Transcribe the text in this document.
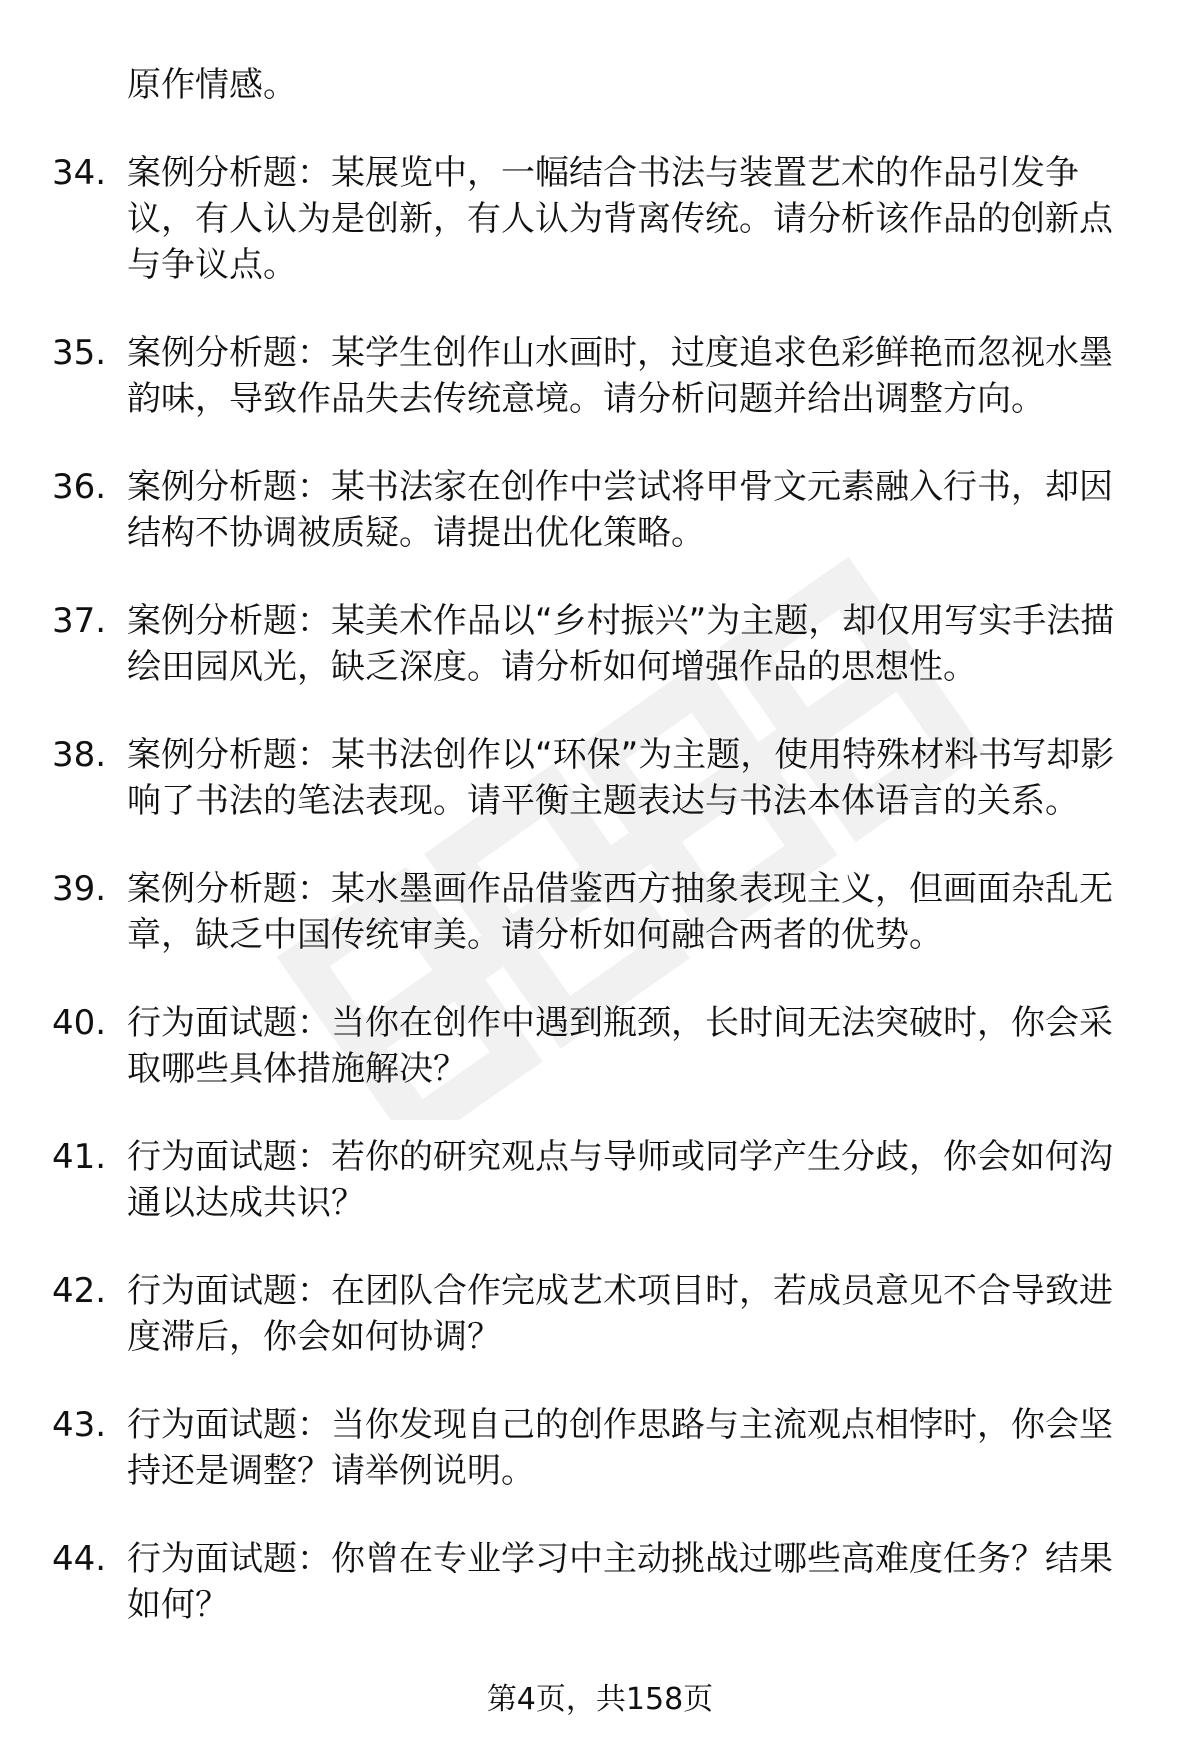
原作情感。
34. 案例分析题：某展览中，一幅结合书法与装置艺术的作品引发争议，有人认为是创新，有人认为背离传统。请分析该作品的创新点与争议点。
35. 案例分析题：某学生创作山水画时，过度追求色彩鲜艳而忽视水墨韵味，导致作品失去传统意境。请分析问题并给出调整方向。
36. 案例分析题：某书法家在创作中尝试将甲骨文元素融入行书，却因结构不协调被质疑。请提出优化策略。
37. 案例分析题：某美术作品以“乡村振兴”为主题，却仅用写实手法描绘田园风光，缺乏深度。请分析如何增强作品的思想性。
38. 案例分析题：某书法创作以“环保”为主题，使用特殊材料书写却影响了书法的笔法表现。请平衡主题表达与书法本体语言的关系。
39. 案例分析题：某水墨画作品借鉴西方抽象表现主义，但画面杂乱无章，缺乏中国传统审美。请分析如何融合两者的优势。
40. 行为面试题：当你在创作中遇到瓶颈，长时间无法突破时，你会采取哪些具体措施解决？
41. 行为面试题：若你的研究观点与导师或同学产生分歧，你会如何沟通以达成共识？
42. 行为面试题：在团队合作完成艺术项目时，若成员意见不合导致进度滞后，你会如何协调？
43. 行为面试题：当你发现自己的创作思路与主流观点相悖时，你会坚持还是调整？请举例说明。
44. 行为面试题：你曾在专业学习中主动挑战过哪些高难度任务？结果如何？
第4页，共158页
